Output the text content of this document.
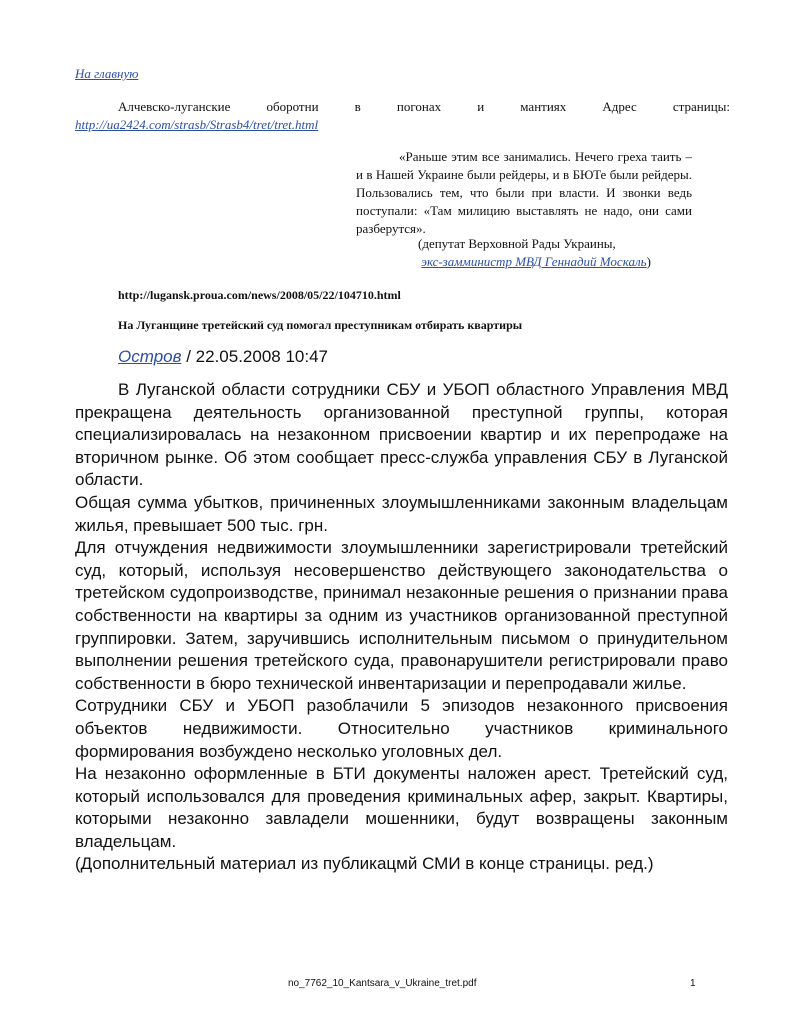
На главную
Алчевско-луганские оборотни в погонах и мантиях Адрес страницы: http://ua2424.com/strasb/Strasb4/tret/tret.html
«Раньше этим все занимались. Нечего греха таить – и в Нашей Украине были рейдеры, и в БЮТе были рейдеры. Пользовались тем, что были при власти. И звонки ведь поступали: «Там милицию выставлять не надо, они сами разберутся».
(депутат Верховной Рады Украины,
экс-замминистр МВД Геннадий Москаль)
http://lugansk.proua.com/news/2008/05/22/104710.html
На Луганщине третейский суд помогал преступникам отбирать квартиры
Остров / 22.05.2008 10:47

В Луганской области сотрудники СБУ и УБОП областного Управления МВД прекращена деятельность организованной преступной группы, которая специализировалась на незаконном присвоении квартир и их перепродаже на вторичном рынке. Об этом сообщает пресс-служба управления СБУ в Луганской области.

Общая сумма убытков, причиненных злоумышленниками законным владельцам жилья, превышает 500 тыс. грн.

Для отчуждения недвижимости злоумышленники зарегистрировали третейский суд, который, используя несовершенство действующего законодательства о третейском судопроизводстве, принимал незаконные решения о признании права собственности на квартиры за одним из участников организованной преступной группировки. Затем, заручившись исполнительным письмом о принудительном выполнении решения третейского суда, правонарушители регистрировали право собственности в бюро технической инвентаризации и перепродавали жилье.

Сотрудники СБУ и УБОП разоблачили 5 эпизодов незаконного присвоения объектов недвижимости. Относительно участников криминального формирования возбуждено несколько уголовных дел.

На незаконно оформленные в БТИ документы наложен арест. Третейский суд, который использовался для проведения криминальных афер, закрыт. Квартиры, которыми незаконно завладели мошенники, будут возвращены законным владельцам.

(Дополнительный материал из публикацмй СМИ в конце страницы. ред.)

no_7762_10_Kantsara_v_Ukraine_tret.pdf	1
